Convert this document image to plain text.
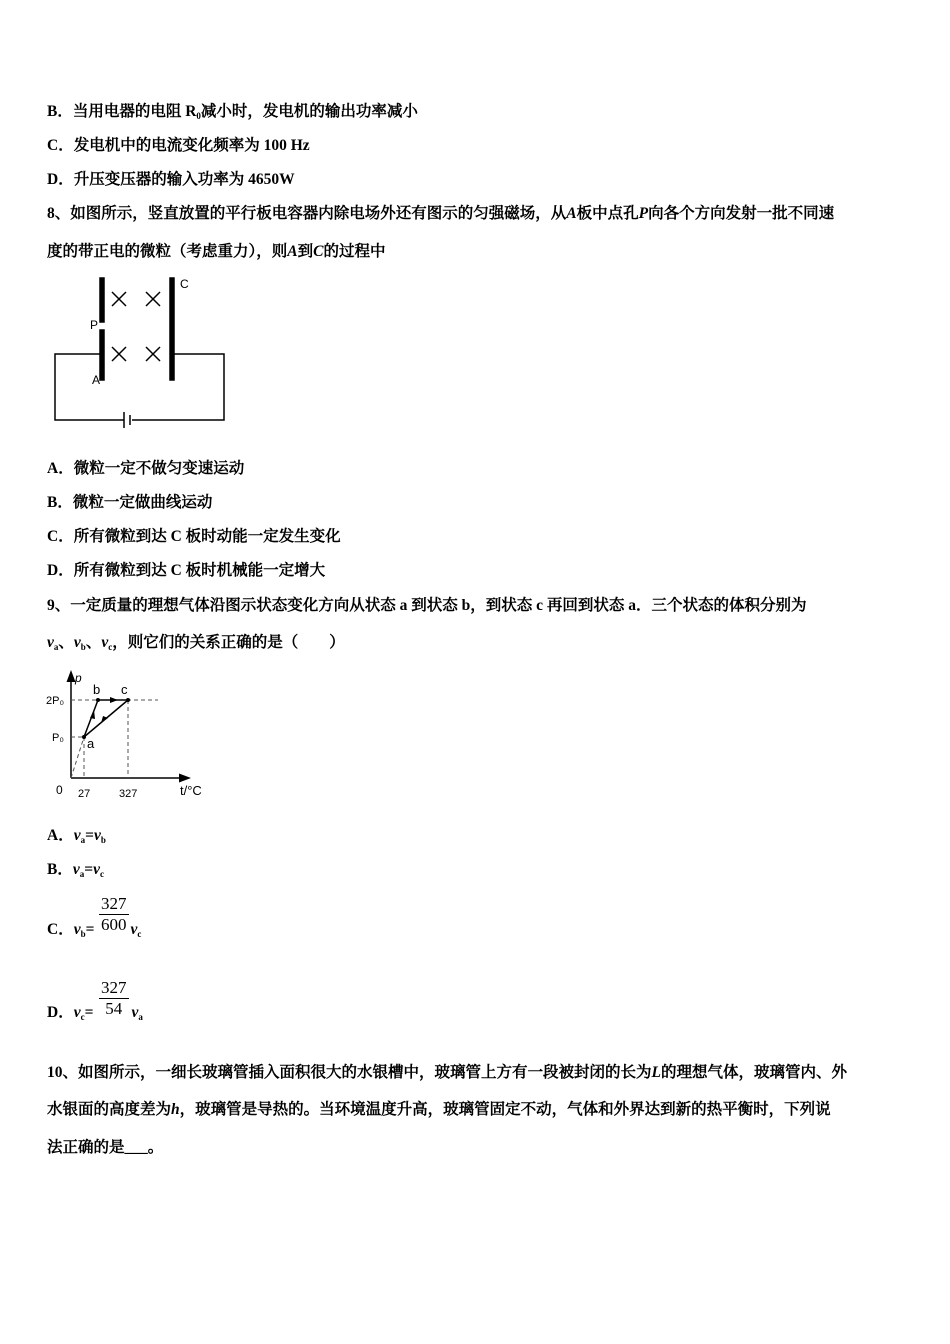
B．当用电器的电阻 $R_0$减小时，发电机的输出功率减小
C．发电机中的电流变化频率为 100 Hz
D．升压变压器的输入功率为 4650W
8、如图所示，竖直放置的平行板电容器内除电场外还有图示的匀强磁场，从A板中点孔P向各个方向发射一批不同速
度的带正电的微粒（考虑重力），则A到C的过程中
P
A
C
A．微粒一定不做匀变速运动
B．微粒一定做曲线运动
C．所有微粒到达 C 板时动能一定发生变化
D．所有微粒到达 C 板时机械能一定增大
9、一定质量的理想气体沿图示状态变化方向从状态 a 到状态 b，到状态 c 再回到状态 a．三个状态的体积分别为
$v_a$、$v_b$、$v_c$，则它们的关系正确的是（　　）
p
2P₀
P₀
0 27	327	t/°C
a
b c
A．$v_a=v_b$
B．$v_a=v_c$
C．$v_b= v_c$
$\frac{327}{600}$
D．$v_c= v_a$
$\frac{327}{54}$
10、如图所示，一细长玻璃管插入面积很大的水银槽中，玻璃管上方有一段被封闭的长为L的理想气体，玻璃管内、外
水银面的高度差为h，玻璃管是导热的。当环境温度升高，玻璃管固定不动，气体和外界达到新的热平衡时，下列说
法正确的是___。
